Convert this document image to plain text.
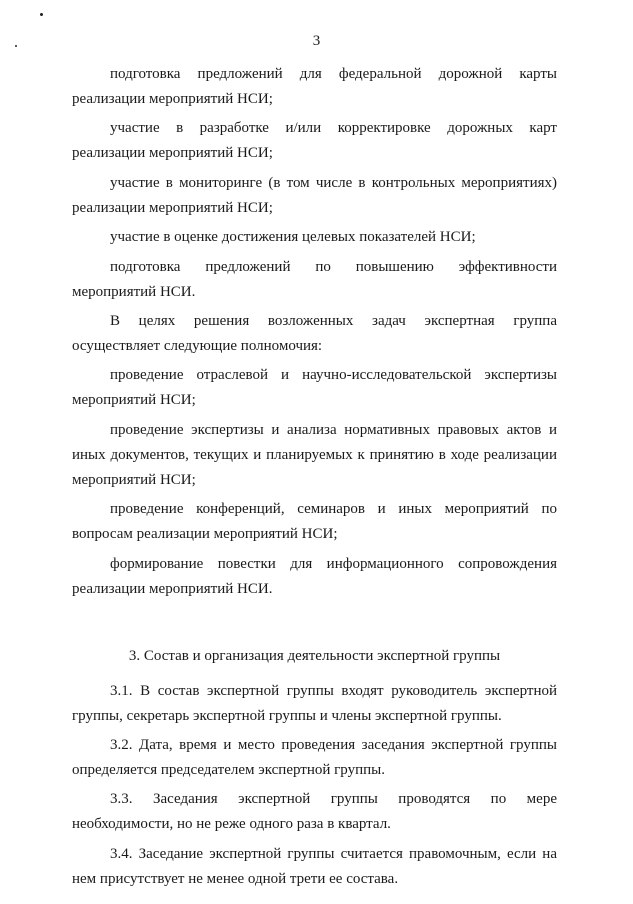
3

подготовка предложений для федеральной дорожной карты реализации мероприятий НСИ;

участие в разработке и/или корректировке дорожных карт реализации мероприятий НСИ;

участие в мониторинге (в том числе в контрольных мероприятиях) реализации мероприятий НСИ;

участие в оценке достижения целевых показателей НСИ;

подготовка предложений по повышению эффективности мероприятий НСИ.

В целях решения возложенных задач экспертная группа осуществляет следующие полномочия:

проведение отраслевой и научно-исследовательской экспертизы мероприятий НСИ;

проведение экспертизы и анализа нормативных правовых актов и иных документов, текущих и планируемых к принятию в ходе реализации мероприятий НСИ;

проведение конференций, семинаров и иных мероприятий по вопросам реализации мероприятий НСИ;

формирование повестки для информационного сопровождения реализации мероприятий НСИ.

3. Состав и организация деятельности экспертной группы

3.1. В состав экспертной группы входят руководитель экспертной группы, секретарь экспертной группы и члены экспертной группы.

3.2. Дата, время и место проведения заседания экспертной группы определяется председателем экспертной группы.

3.3. Заседания экспертной группы проводятся по мере необходимости, но не реже одного раза в квартал.

3.4. Заседание экспертной группы считается правомочным, если на нем присутствует не менее одной трети ее состава.
